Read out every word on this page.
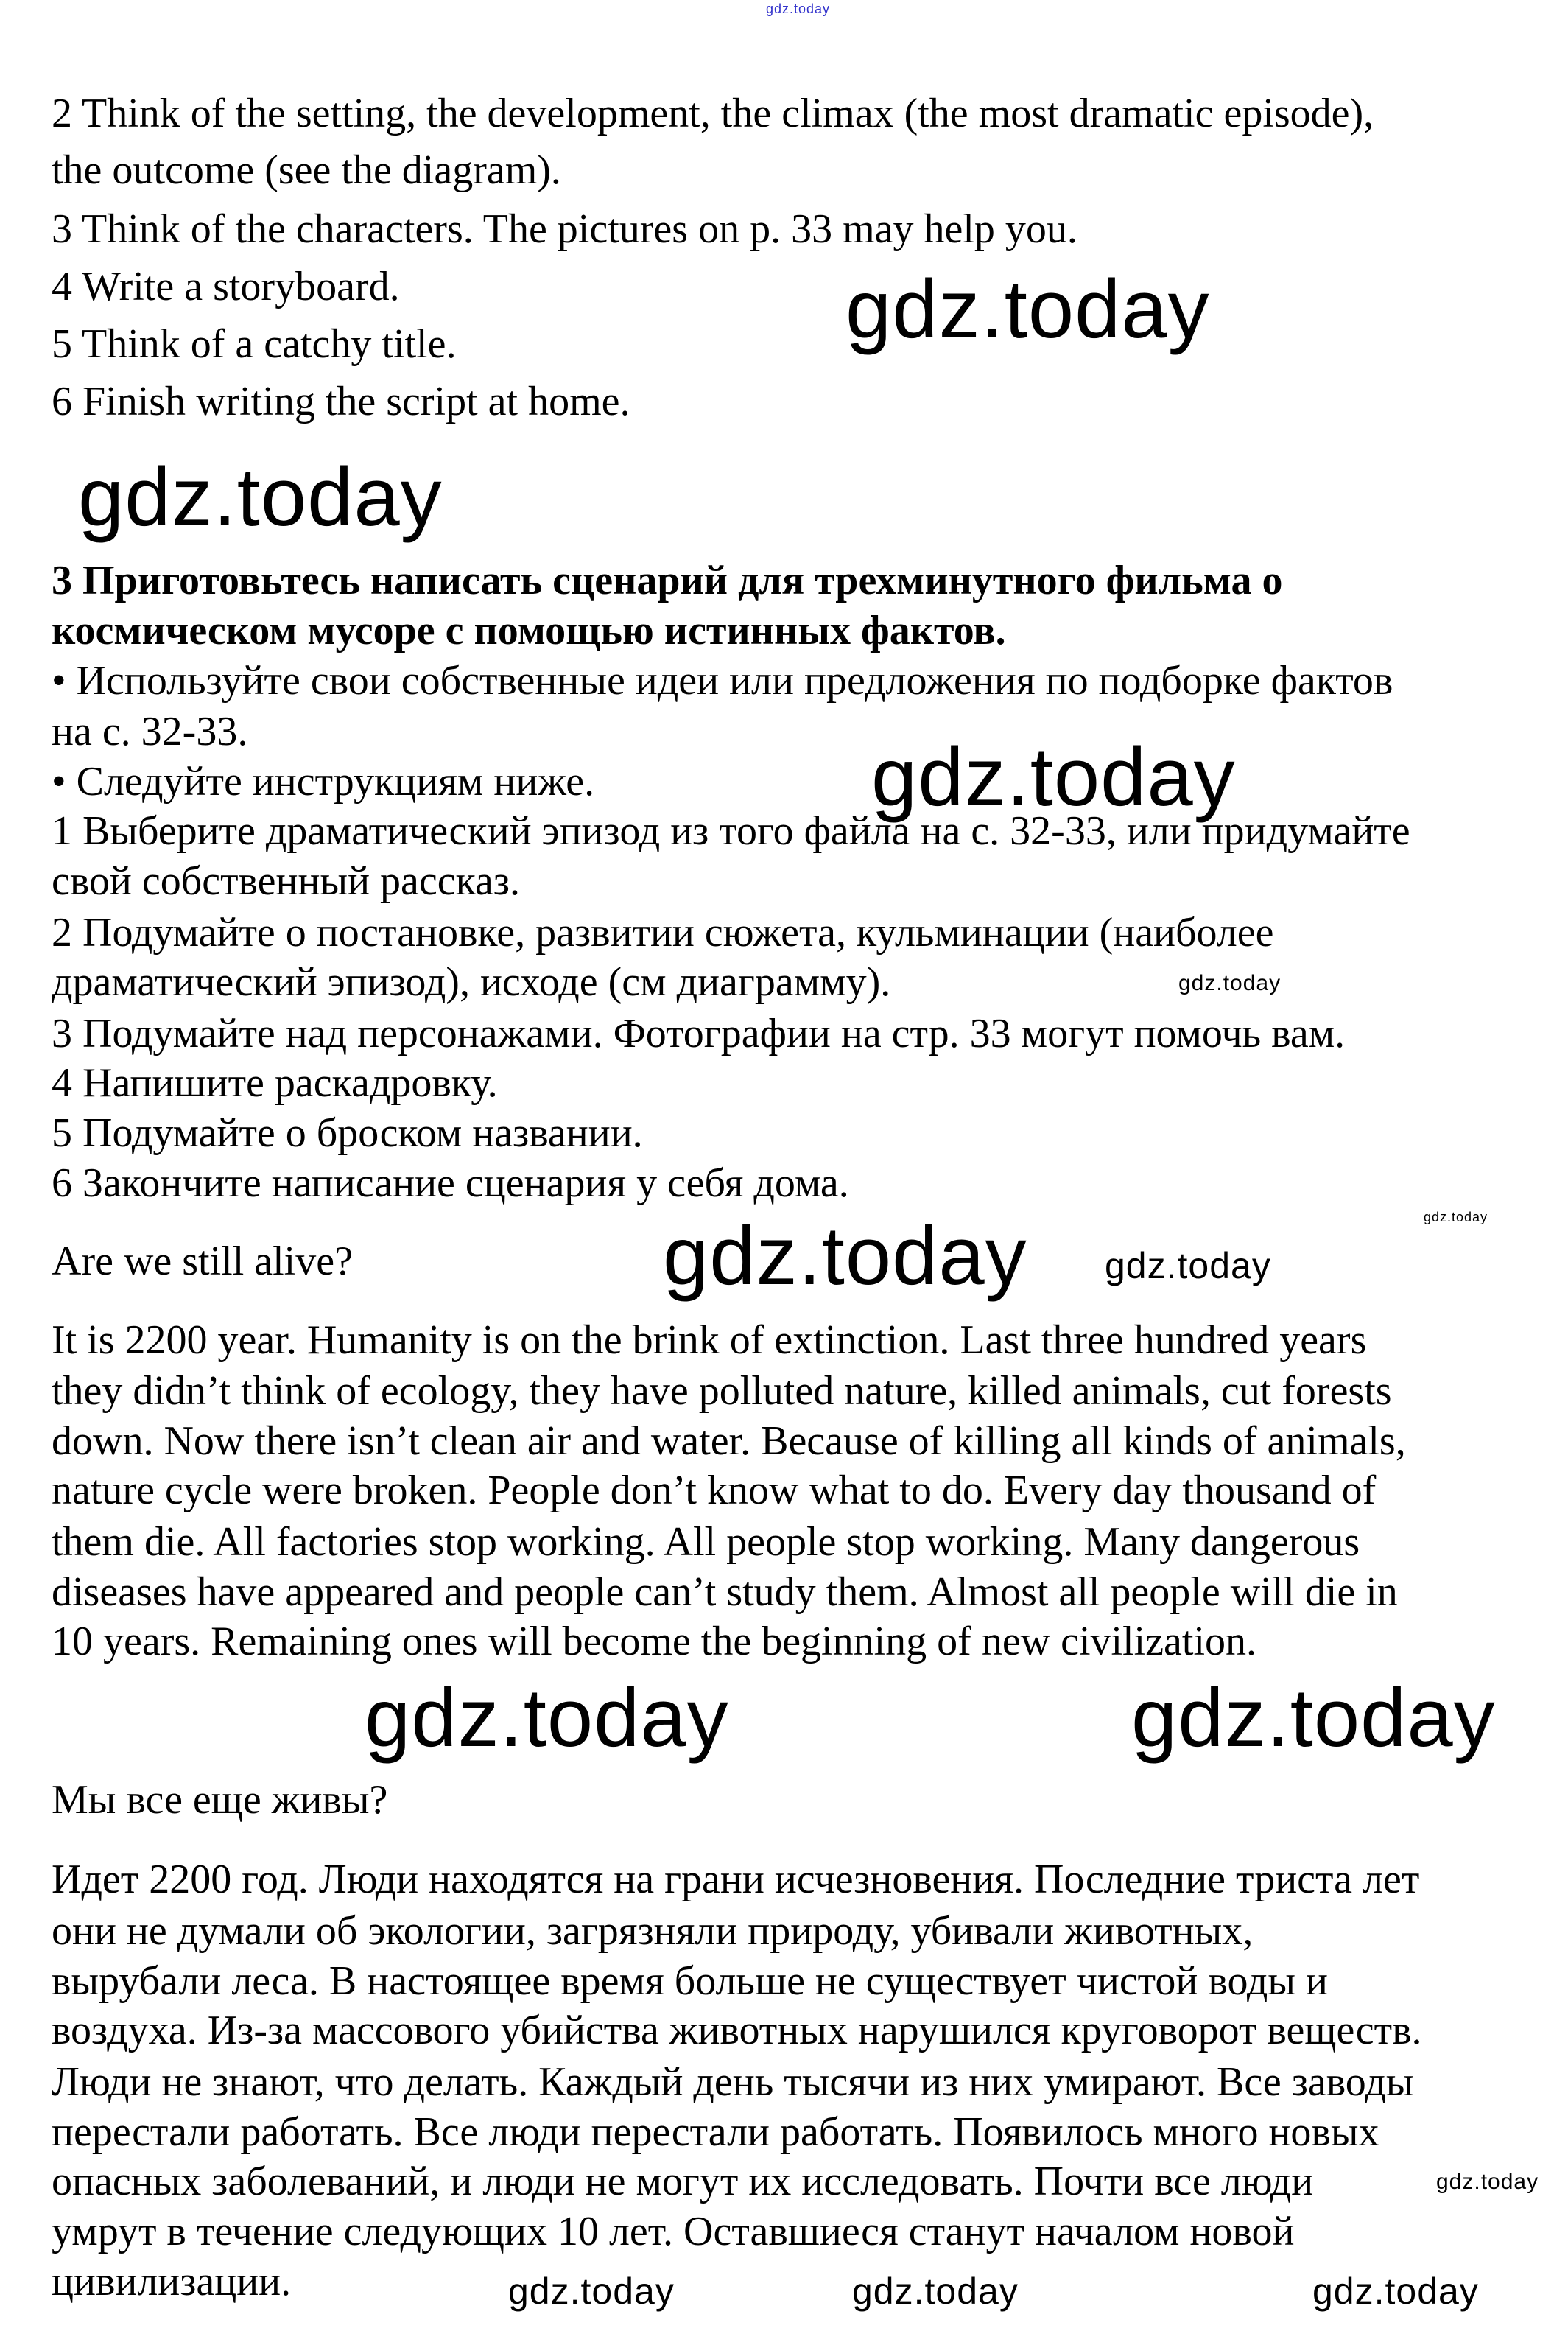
gdz.today
gdz.today
gdz.today
gdz.today
gdz.today
gdz.today
gdz.today
gdz.today
gdz.today	gdz.today
gdz.today
gdz.today	gdz.today	gdz.today
2 Think of the setting, the development, the climax (the most dramatic episode),
the outcome (see the diagram).
3 Think of the characters. The pictures on p. 33 may help you.
4 Write a storyboard.
5 Think of a catchy title.
6 Finish writing the script at home.
3 Приготовьтесь написать сценарий для трехминутного фильма о
космическом мусоре с помощью истинных фактов.
• Используйте свои собственные идеи или предложения по подборке фактов
на с. 32-33.
• Следуйте инструкциям ниже.
1 Выберите драматический эпизод из того файла на с. 32-33, или придумайте
свой собственный рассказ.
2 Подумайте о постановке, развитии сюжета, кульминации (наиболее
драматический эпизод), исходе (см диаграмму).
3 Подумайте над персонажами. Фотографии на стр. 33 могут помочь вам.
4 Напишите раскадровку.
5 Подумайте о броском названии.
6 Закончите написание сценария у себя дома.
Are we still alive?
It is 2200 year. Humanity is on the brink of extinction. Last three hundred years
they didn’t think of ecology, they have polluted nature, killed animals, cut forests
down. Now there isn’t clean air and water. Because of killing all kinds of animals,
nature cycle were broken. People don’t know what to do. Every day thousand of
them die. All factories stop working. All people stop working. Many dangerous
diseases have appeared and people can’t study them. Almost all people will die in
10 years. Remaining ones will become the beginning of new civilization.
Мы все еще живы?
Идет 2200 год. Люди находятся на грани исчезновения. Последние триста лет
они не думали об экологии, загрязняли природу, убивали животных,
вырубали леса. В настоящее время больше не существует чистой воды и
воздуха. Из-за массового убийства животных нарушился круговорот веществ.
Люди не знают, что делать. Каждый день тысячи из них умирают. Все заводы
перестали работать. Все люди перестали работать. Появилось много новых
опасных заболеваний, и люди не могут их исследовать. Почти все люди
умрут в течение следующих 10 лет. Оставшиеся станут началом новой
цивилизации.
